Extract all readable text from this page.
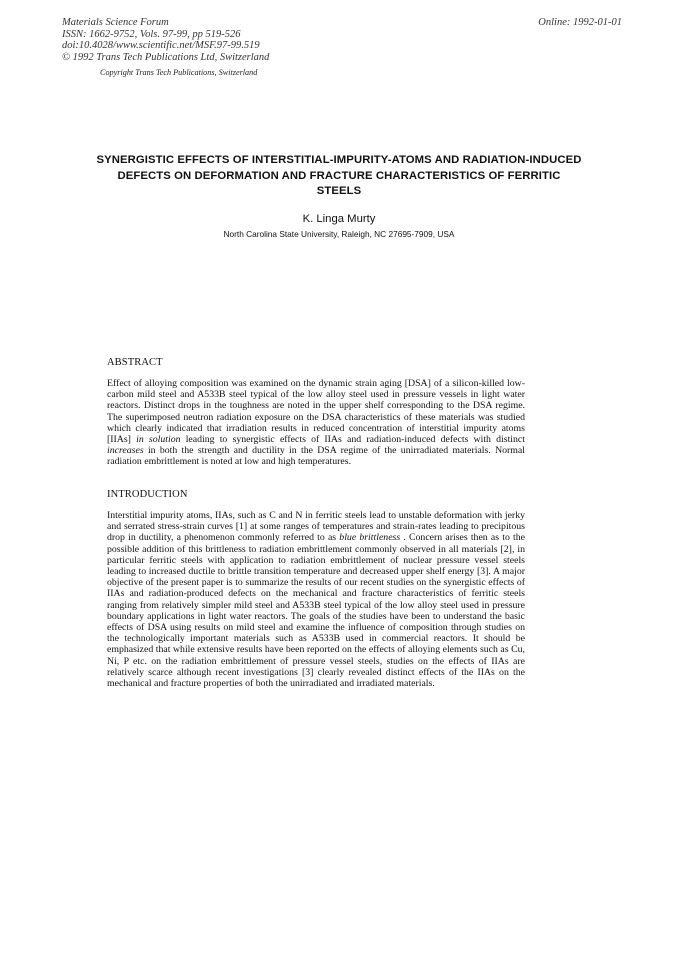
Materials Science Forum
ISSN: 1662-9752, Vols. 97-99, pp 519-526
doi:10.4028/www.scientific.net/MSF.97-99.519
© 1992 Trans Tech Publications Ltd, Switzerland
Online: 1992-01-01
Copyright Trans Tech Publications, Switzerland
SYNERGISTIC EFFECTS OF INTERSTITIAL-IMPURITY-ATOMS AND RADIATION-INDUCED DEFECTS ON DEFORMATION AND FRACTURE CHARACTERISTICS OF FERRITIC STEELS
K. Linga Murty
North Carolina State University, Raleigh, NC 27695-7909, USA
ABSTRACT
Effect of alloying composition was examined on the dynamic strain aging [DSA] of a silicon-killed low-carbon mild steel and A533B steel typical of the low alloy steel used in pressure vessels in light water reactors. Distinct drops in the toughness are noted in the upper shelf corresponding to the DSA regime. The superimposed neutron radiation exposure on the DSA characteristics of these materials was studied which clearly indicated that irradiation results in reduced concentration of interstitial impurity atoms [IIAs] in solution leading to synergistic effects of IIAs and radiation-induced defects with distinct increases in both the strength and ductility in the DSA regime of the unirradiated materials. Normal radiation embrittlement is noted at low and high temperatures.
INTRODUCTION
Interstitial impurity atoms, IIAs, such as C and N in ferritic steels lead to unstable deformation with jerky and serrated stress-strain curves [1] at some ranges of temperatures and strain-rates leading to precipitous drop in ductility, a phenomenon commonly referred to as blue brittleness . Concern arises then as to the possible addition of this brittleness to radiation embrittlement commonly observed in all materials [2], in particular ferritic steels with application to radiation embrittlement of nuclear pressure vessel steels leading to increased ductile to brittle transition temperature and decreased upper shelf energy [3]. A major objective of the present paper is to summarize the results of our recent studies on the synergistic effects of IIAs and radiation-produced defects on the mechanical and fracture characteristics of ferritic steels ranging from relatively simpler mild steel and A533B steel typical of the low alloy steel used in pressure boundary applications in light water reactors. The goals of the studies have been to understand the basic effects of DSA using results on mild steel and examine the influence of composition through studies on the technologically important materials such as A533B used in commercial reactors. It should be emphasized that while extensive results have been reported on the effects of alloying elements such as Cu, Ni, P etc. on the radiation embrittlement of pressure vessel steels, studies on the effects of IIAs are relatively scarce although recent investigations [3] clearly revealed distinct effects of the IIAs on the mechanical and fracture properties of both the unirradiated and irradiated materials.
